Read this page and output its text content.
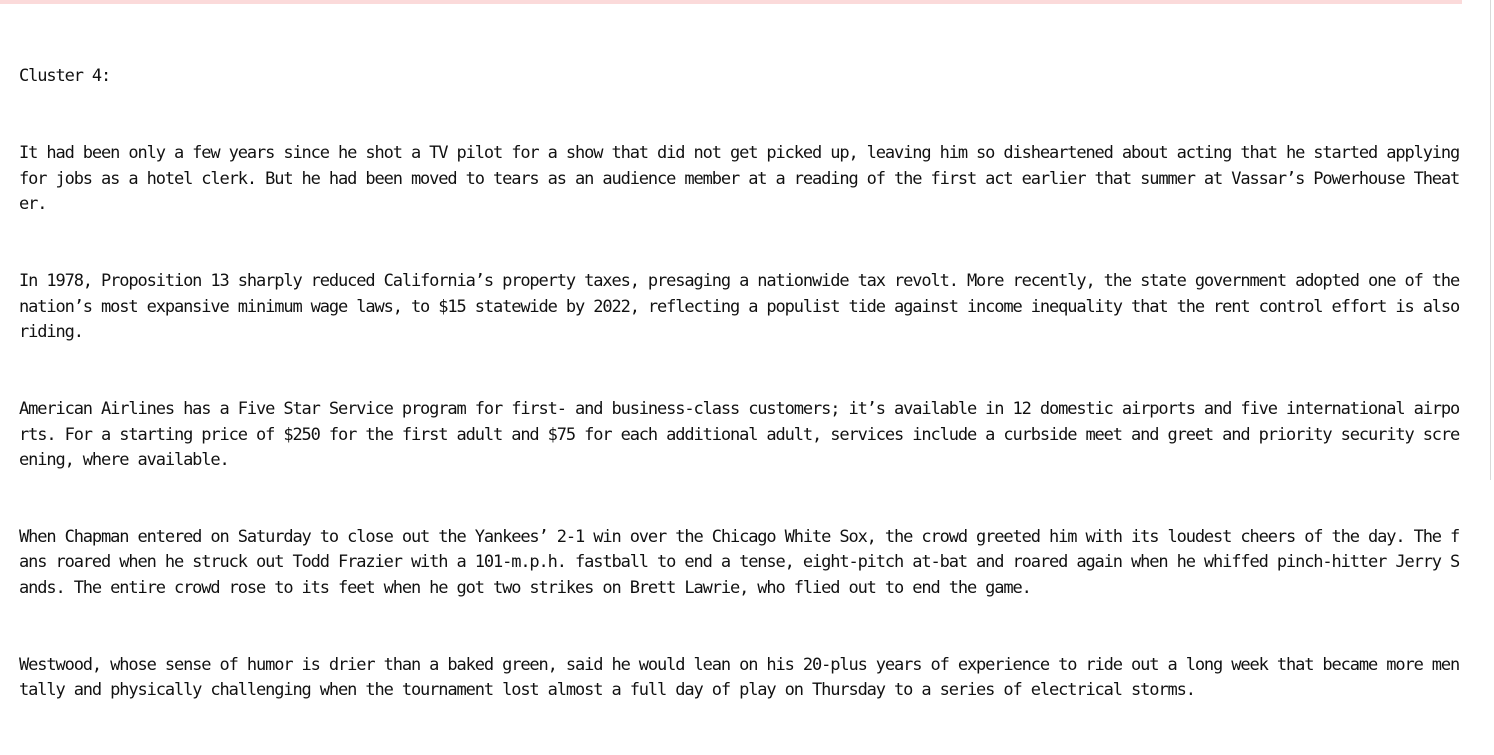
Cluster 4:

It had been only a few years since he shot a TV pilot for a show that did not get picked up, leaving him so disheartened about acting that he started applying for jobs as a hotel clerk. But he had been moved to tears as an audience member at a reading of the first act earlier that summer at Vassar’s Powerhouse Theater.

In 1978, Proposition 13 sharply reduced California’s property taxes, presaging a nationwide tax revolt. More recently, the state government adopted one of the nation’s most expansive minimum wage laws, to $15 statewide by 2022, reflecting a populist tide against income inequality that the rent control effort is also riding.

American Airlines has a Five Star Service program for first- and business-class customers; it’s available in 12 domestic airports and five international airports. For a starting price of $250 for the first adult and $75 for each additional adult, services include a curbside meet and greet and priority security screening, where available.

When Chapman entered on Saturday to close out the Yankees’ 2-1 win over the Chicago White Sox, the crowd greeted him with its loudest cheers of the day. The fans roared when he struck out Todd Frazier with a 101-m.p.h. fastball to end a tense, eight-pitch at-bat and roared again when he whiffed pinch-hitter Jerry Sands. The entire crowd rose to its feet when he got two strikes on Brett Lawrie, who flied out to end the game.

Westwood, whose sense of humor is drier than a baked green, said he would lean on his 20-plus years of experience to ride out a long week that became more mentally and physically challenging when the tournament lost almost a full day of play on Thursday to a series of electrical storms.
